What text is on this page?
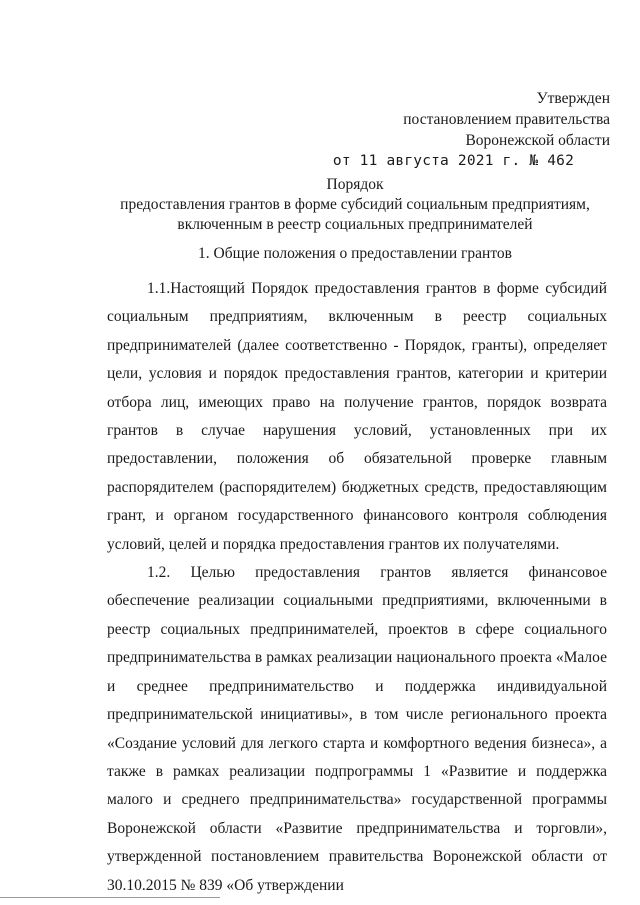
Утвержден
постановлением правительства
Воронежской области
от 11 августа 2021 г. № 462
Порядок
предоставления грантов в форме субсидий социальным предприятиям,
включенным в реестр социальных предпринимателей
1. Общие положения о предоставлении грантов

1.1.Настоящий Порядок предоставления грантов в форме субсидий социальным предприятиям, включенным в реестр социальных предпринимателей (далее соответственно - Порядок, гранты), определяет цели, условия и порядок предоставления грантов, категории и критерии отбора лиц, имеющих право на получение грантов, порядок возврата грантов в случае нарушения условий, установленных при их предоставлении, положения об обязательной проверке главным распорядителем (распорядителем) бюджетных средств, предоставляющим грант, и органом государственного финансового контроля соблюдения условий, целей и порядка предоставления грантов их получателями.

1.2. Целью предоставления грантов является финансовое обеспечение реализации социальными предприятиями, включенными в реестр социальных предпринимателей, проектов в сфере социального предпринимательства в рамках реализации национального проекта «Малое и среднее предпринимательство и поддержка индивидуальной предпринимательской инициативы», в том числе регионального проекта «Создание условий для легкого старта и комфортного ведения бизнеса», а также в рамках реализации подпрограммы 1 «Развитие и поддержка малого и среднего предпринимательства» государственной программы Воронежской области «Развитие предпринимательства и торговли», утвержденной постановлением правительства Воронежской области от 30.10.2015 № 839 «Об утверждении
